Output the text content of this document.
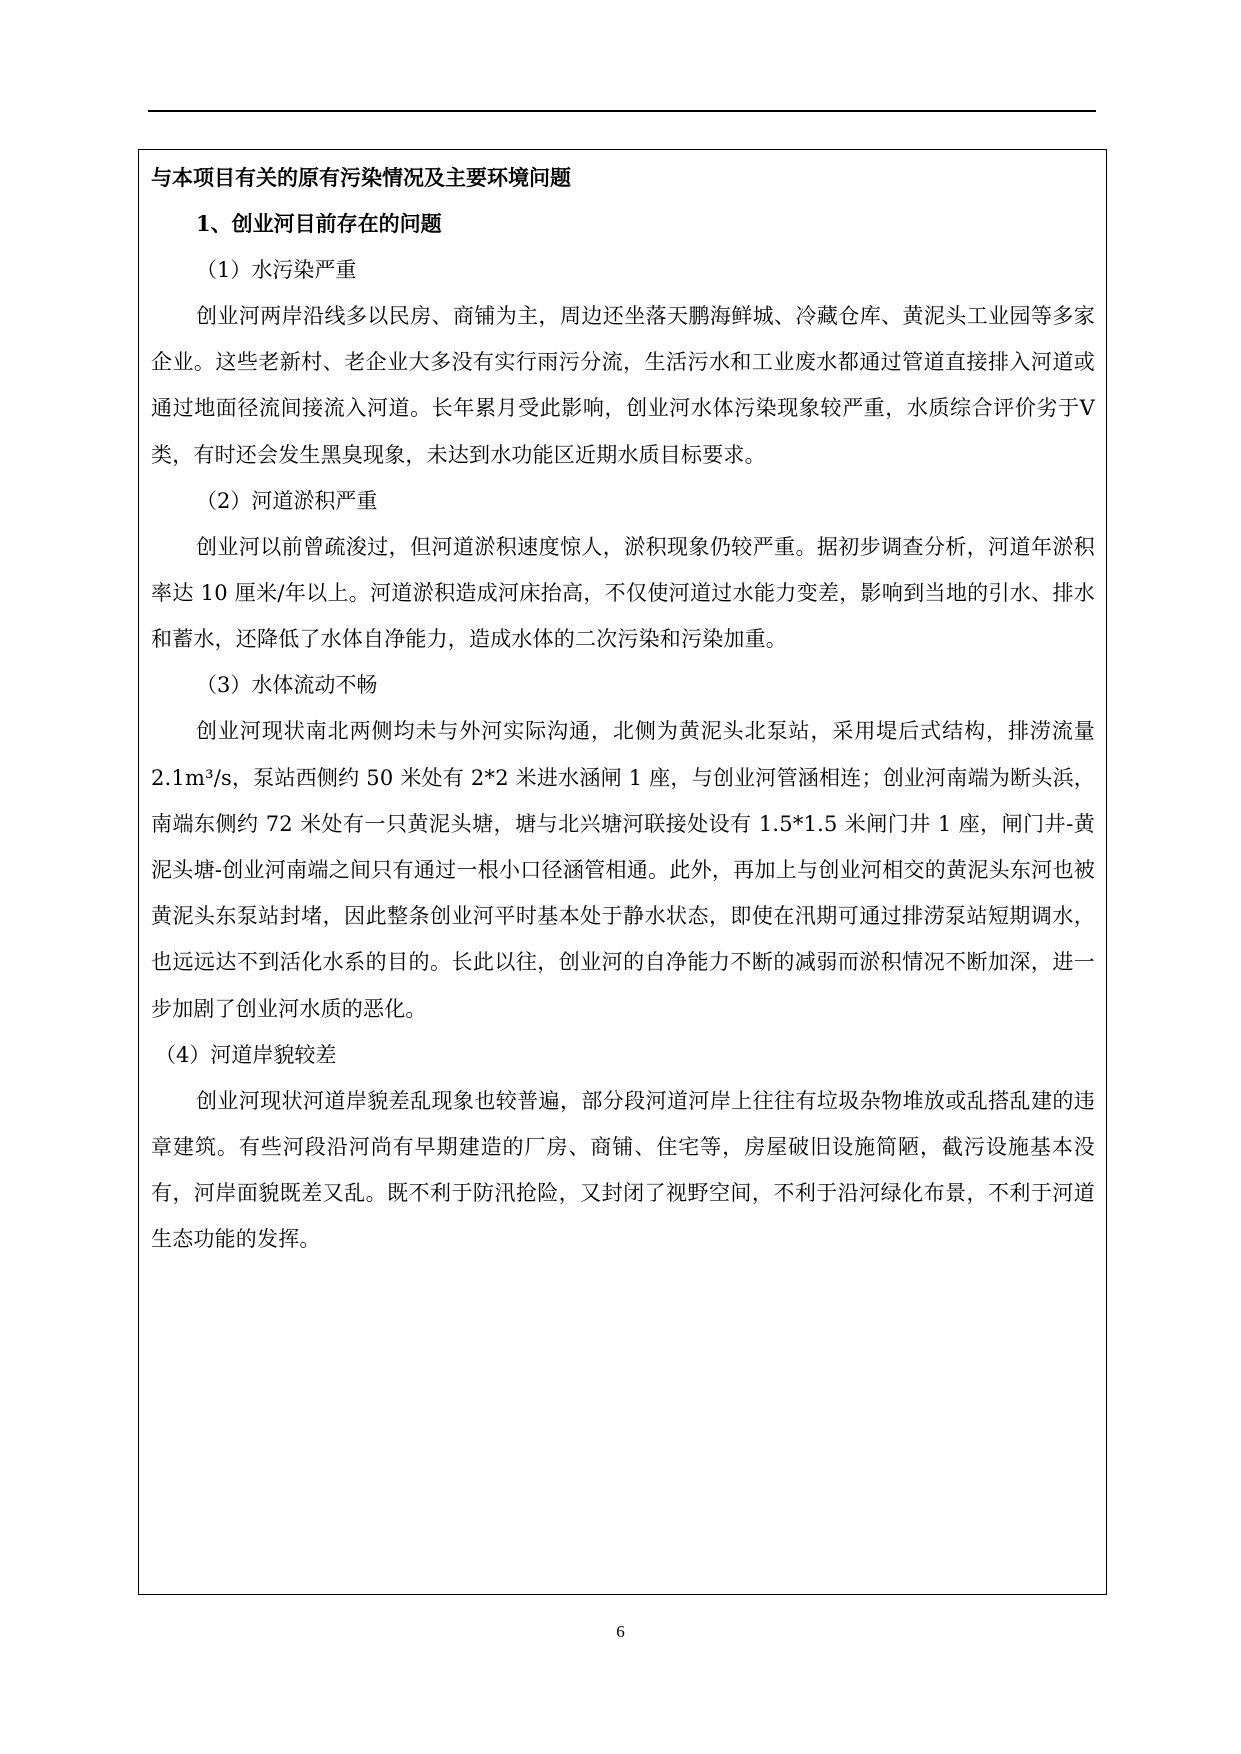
与本项目有关的原有污染情况及主要环境问题

1、创业河目前存在的问题

（1）水污染严重

创业河两岸沿线多以民房、商铺为主，周边还坐落天鹏海鲜城、冷藏仓库、黄泥头工业园等多家企业。这些老新村、老企业大多没有实行雨污分流，生活污水和工业废水都通过管道直接排入河道或通过地面径流间接流入河道。长年累月受此影响，创业河水体污染现象较严重，水质综合评价劣于Ⅴ类，有时还会发生黑臭现象，未达到水功能区近期水质目标要求。

（2）河道淤积严重

创业河以前曾疏浚过，但河道淤积速度惊人，淤积现象仍较严重。据初步调查分析，河道年淤积率达 10 厘米/年以上。河道淤积造成河床抬高，不仅使河道过水能力变差，影响到当地的引水、排水和蓄水，还降低了水体自净能力，造成水体的二次污染和污染加重。

（3）水体流动不畅

创业河现状南北两侧均未与外河实际沟通，北侧为黄泥头北泵站，采用堤后式结构，排涝流量 2.1m³/s，泵站西侧约 50 米处有 2*2 米进水涵闸 1 座，与创业河管涵相连；创业河南端为断头浜，南端东侧约 72 米处有一只黄泥头塘，塘与北兴塘河联接处设有 1.5*1.5 米闸门井 1 座，闸门井-黄泥头塘-创业河南端之间只有通过一根小口径涵管相通。此外，再加上与创业河相交的黄泥头东河也被黄泥头东泵站封堵，因此整条创业河平时基本处于静水状态，即使在汛期可通过排涝泵站短期调水，也远远达不到活化水系的目的。长此以往，创业河的自净能力不断的减弱而淤积情况不断加深，进一步加剧了创业河水质的恶化。

（4）河道岸貌较差

创业河现状河道岸貌差乱现象也较普遍，部分段河道河岸上往往有垃圾杂物堆放或乱搭乱建的违章建筑。有些河段沿河尚有早期建造的厂房、商铺、住宅等，房屋破旧设施简陋，截污设施基本没有，河岸面貌既差又乱。既不利于防汛抢险，又封闭了视野空间，不利于沿河绿化布景，不利于河道生态功能的发挥。

6
